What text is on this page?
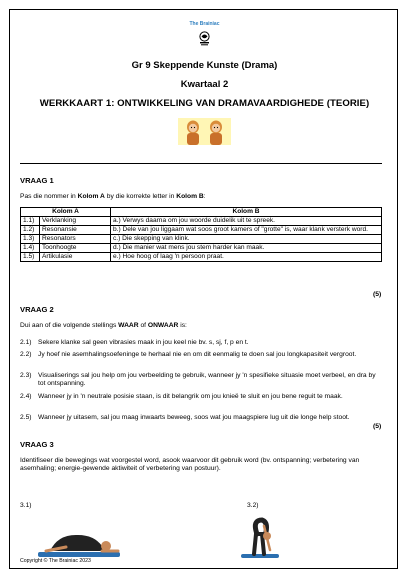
The Brainiac
Gr 9 Skeppende Kunste (Drama)
Kwartaal 2
WERKKAART 1: ONTWIKKELING VAN DRAMAVAARDIGHEDE (TEORIE)
VRAAG 1
Pas die nommer in Kolom A by die korrekte letter in Kolom B:
Kolom A		Kolom B
1.1)	Verklanking	a.) Verwys daarna om jou woorde duidelik uit te spreek.
1.2)	Resonansie	b.) Dele van jou liggaam wat soos groot kamers of "grotte" is, waar klank versterk word.
1.3)	Resonators	c.) Die skepping van klink.
1.4)	Toonhoogte	d.) Die manier wat mens jou stem harder kan maak.
1.5)	Artikulasie	e.) Hoe hoog of laag 'n persoon praat.
(5)
VRAAG 2
Dui aan of die volgende stellings WAAR of ONWAAR is:
2.1) Sekere klanke sal geen vibrasies maak in jou keel nie bv. s, sj, f, p en t.
2.2) Jy hoef nie asemhalingsoefeninge te herhaal nie en om dit eenmalig te doen sal jou longkapasiteit vergroot.
2.3) Visualiserings sal jou help om jou verbeelding te gebruik, wanneer jy 'n spesifieke situasie moet verbeel, en dra by tot ontspanning.
2.4) Wanneer jy in 'n neutrale posisie staan, is dit belangrik om jou knieë te sluit en jou bene reguit te maak.
2.5) Wanneer jy uitasem, sal jou maag inwaarts beweeg, soos wat jou maagspiere lug uit die longe help stoot.
(5)
VRAAG 3
Identifiseer die bewegings wat voorgestel word, asook waarvoor dit gebruik word (bv. ontspanning; verbetering van asemhaling; energie-gewende aktiwiteit of verbetering van postuur).
3.1)	3.2)
Copyright © The Brainiac 2023
